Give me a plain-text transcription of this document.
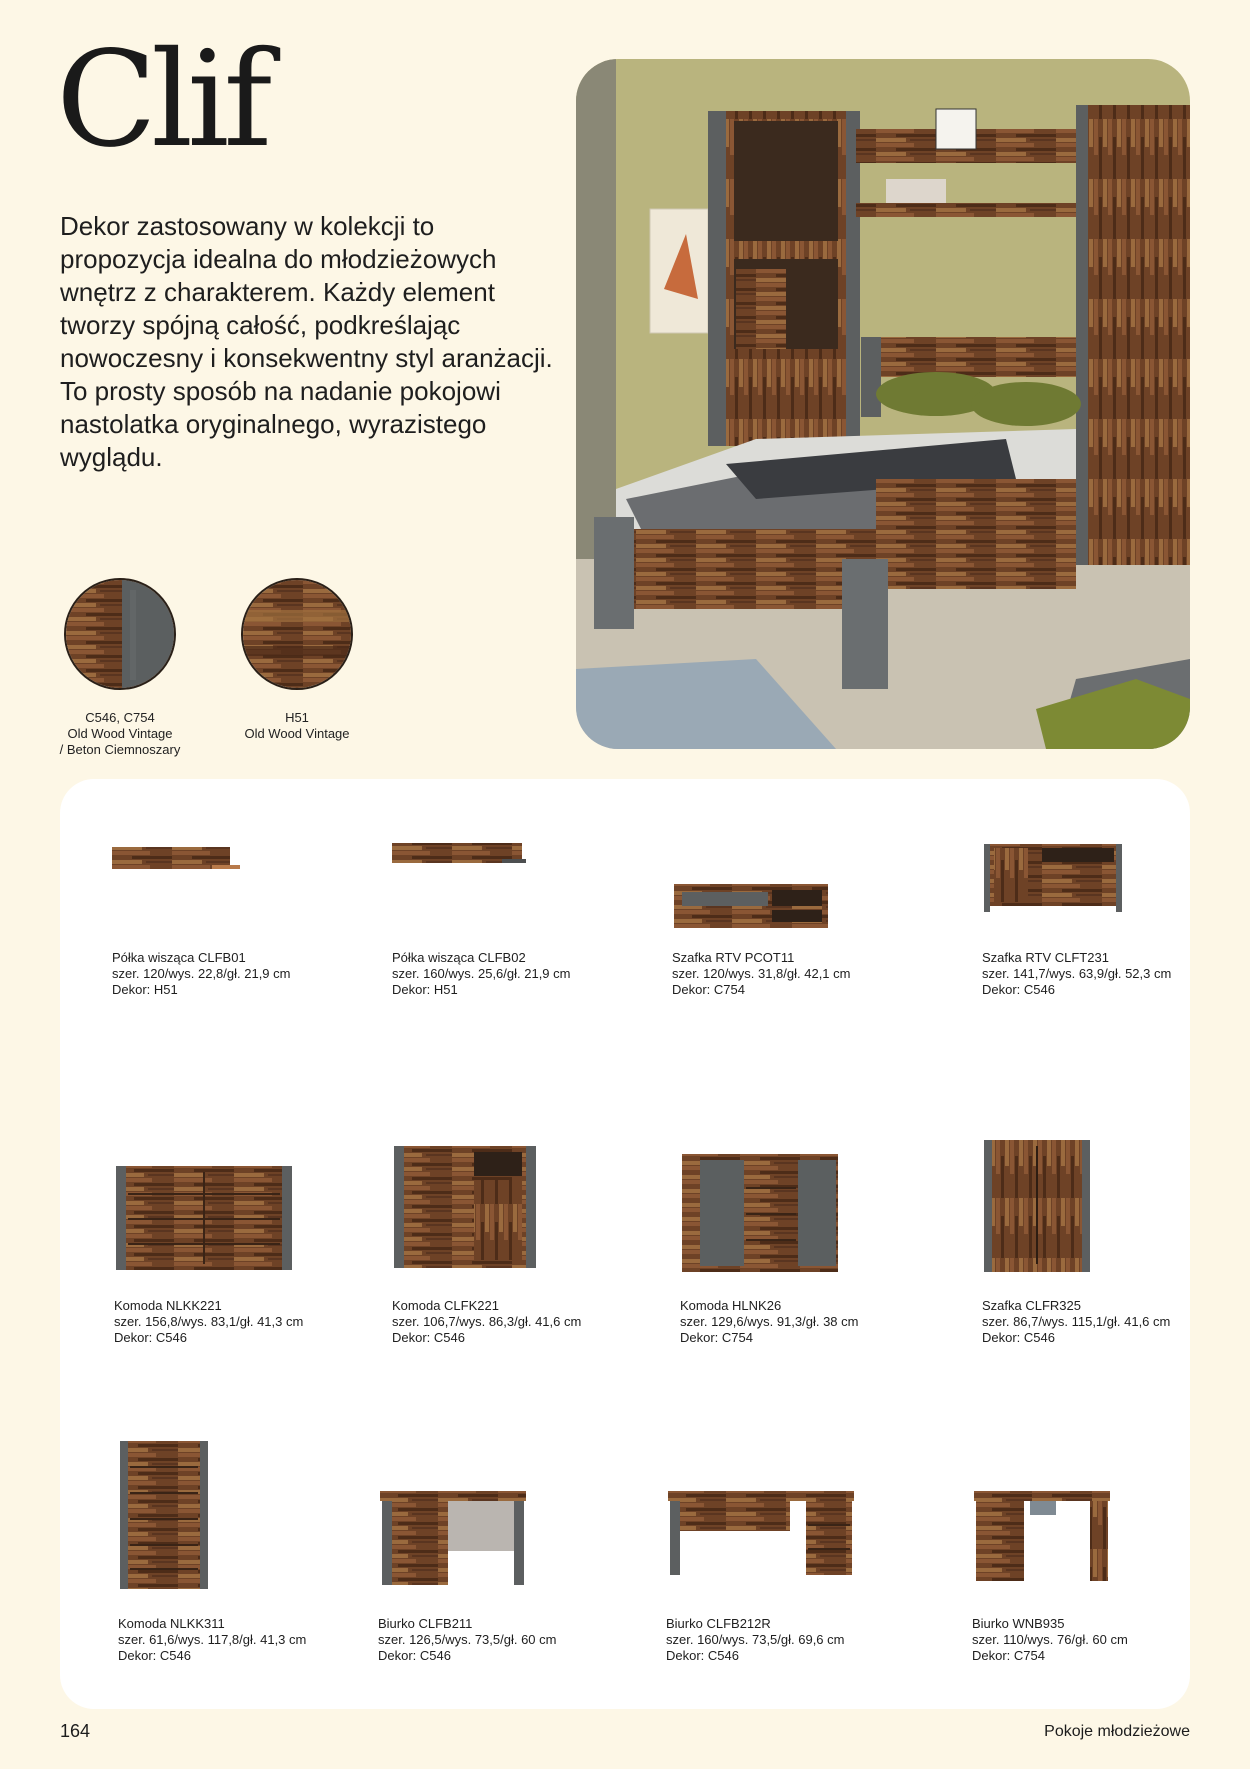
Clif

Dekor zastosowany w kolekcji to propozycja idealna do młodzieżowych wnętrz z charakterem. Każdy element tworzy spójną całość, podkreślając nowoczesny i konsekwentny styl aranżacji. To prosty sposób na nadanie pokojowi nastolatka oryginalnego, wyrazistego wyglądu.

C546, C754
Old Wood Vintage
/ Beton Ciemnoszary
H51
Old Wood Vintage
Półka wisząca CLFB01
szer. 120/wys. 22,8/gł. 21,9 cm
Dekor: H51
Półka wisząca CLFB02
szer. 160/wys. 25,6/gł. 21,9 cm
Dekor: H51
Szafka RTV PCOT11
szer. 120/wys. 31,8/gł. 42,1 cm
Dekor: C754
Szafka RTV CLFT231
szer. 141,7/wys. 63,9/gł. 52,3 cm
Dekor: C546
Komoda NLKK221
szer. 156,8/wys. 83,1/gł. 41,3 cm
Dekor: C546
Komoda CLFK221
szer. 106,7/wys. 86,3/gł. 41,6 cm
Dekor: C546
Komoda HLNK26
szer. 129,6/wys. 91,3/gł. 38 cm
Dekor: C754
Szafka CLFR325
szer. 86,7/wys. 115,1/gł. 41,6 cm
Dekor: C546
Komoda NLKK311
szer. 61,6/wys. 117,8/gł. 41,3 cm
Dekor: C546
Biurko CLFB211
szer. 126,5/wys. 73,5/gł. 60 cm
Dekor: C546
Biurko CLFB212R
szer. 160/wys. 73,5/gł. 69,6 cm
Dekor: C546
Biurko WNB935
szer. 110/wys. 76/gł. 60 cm
Dekor: C754
164	Pokoje młodzieżowe
